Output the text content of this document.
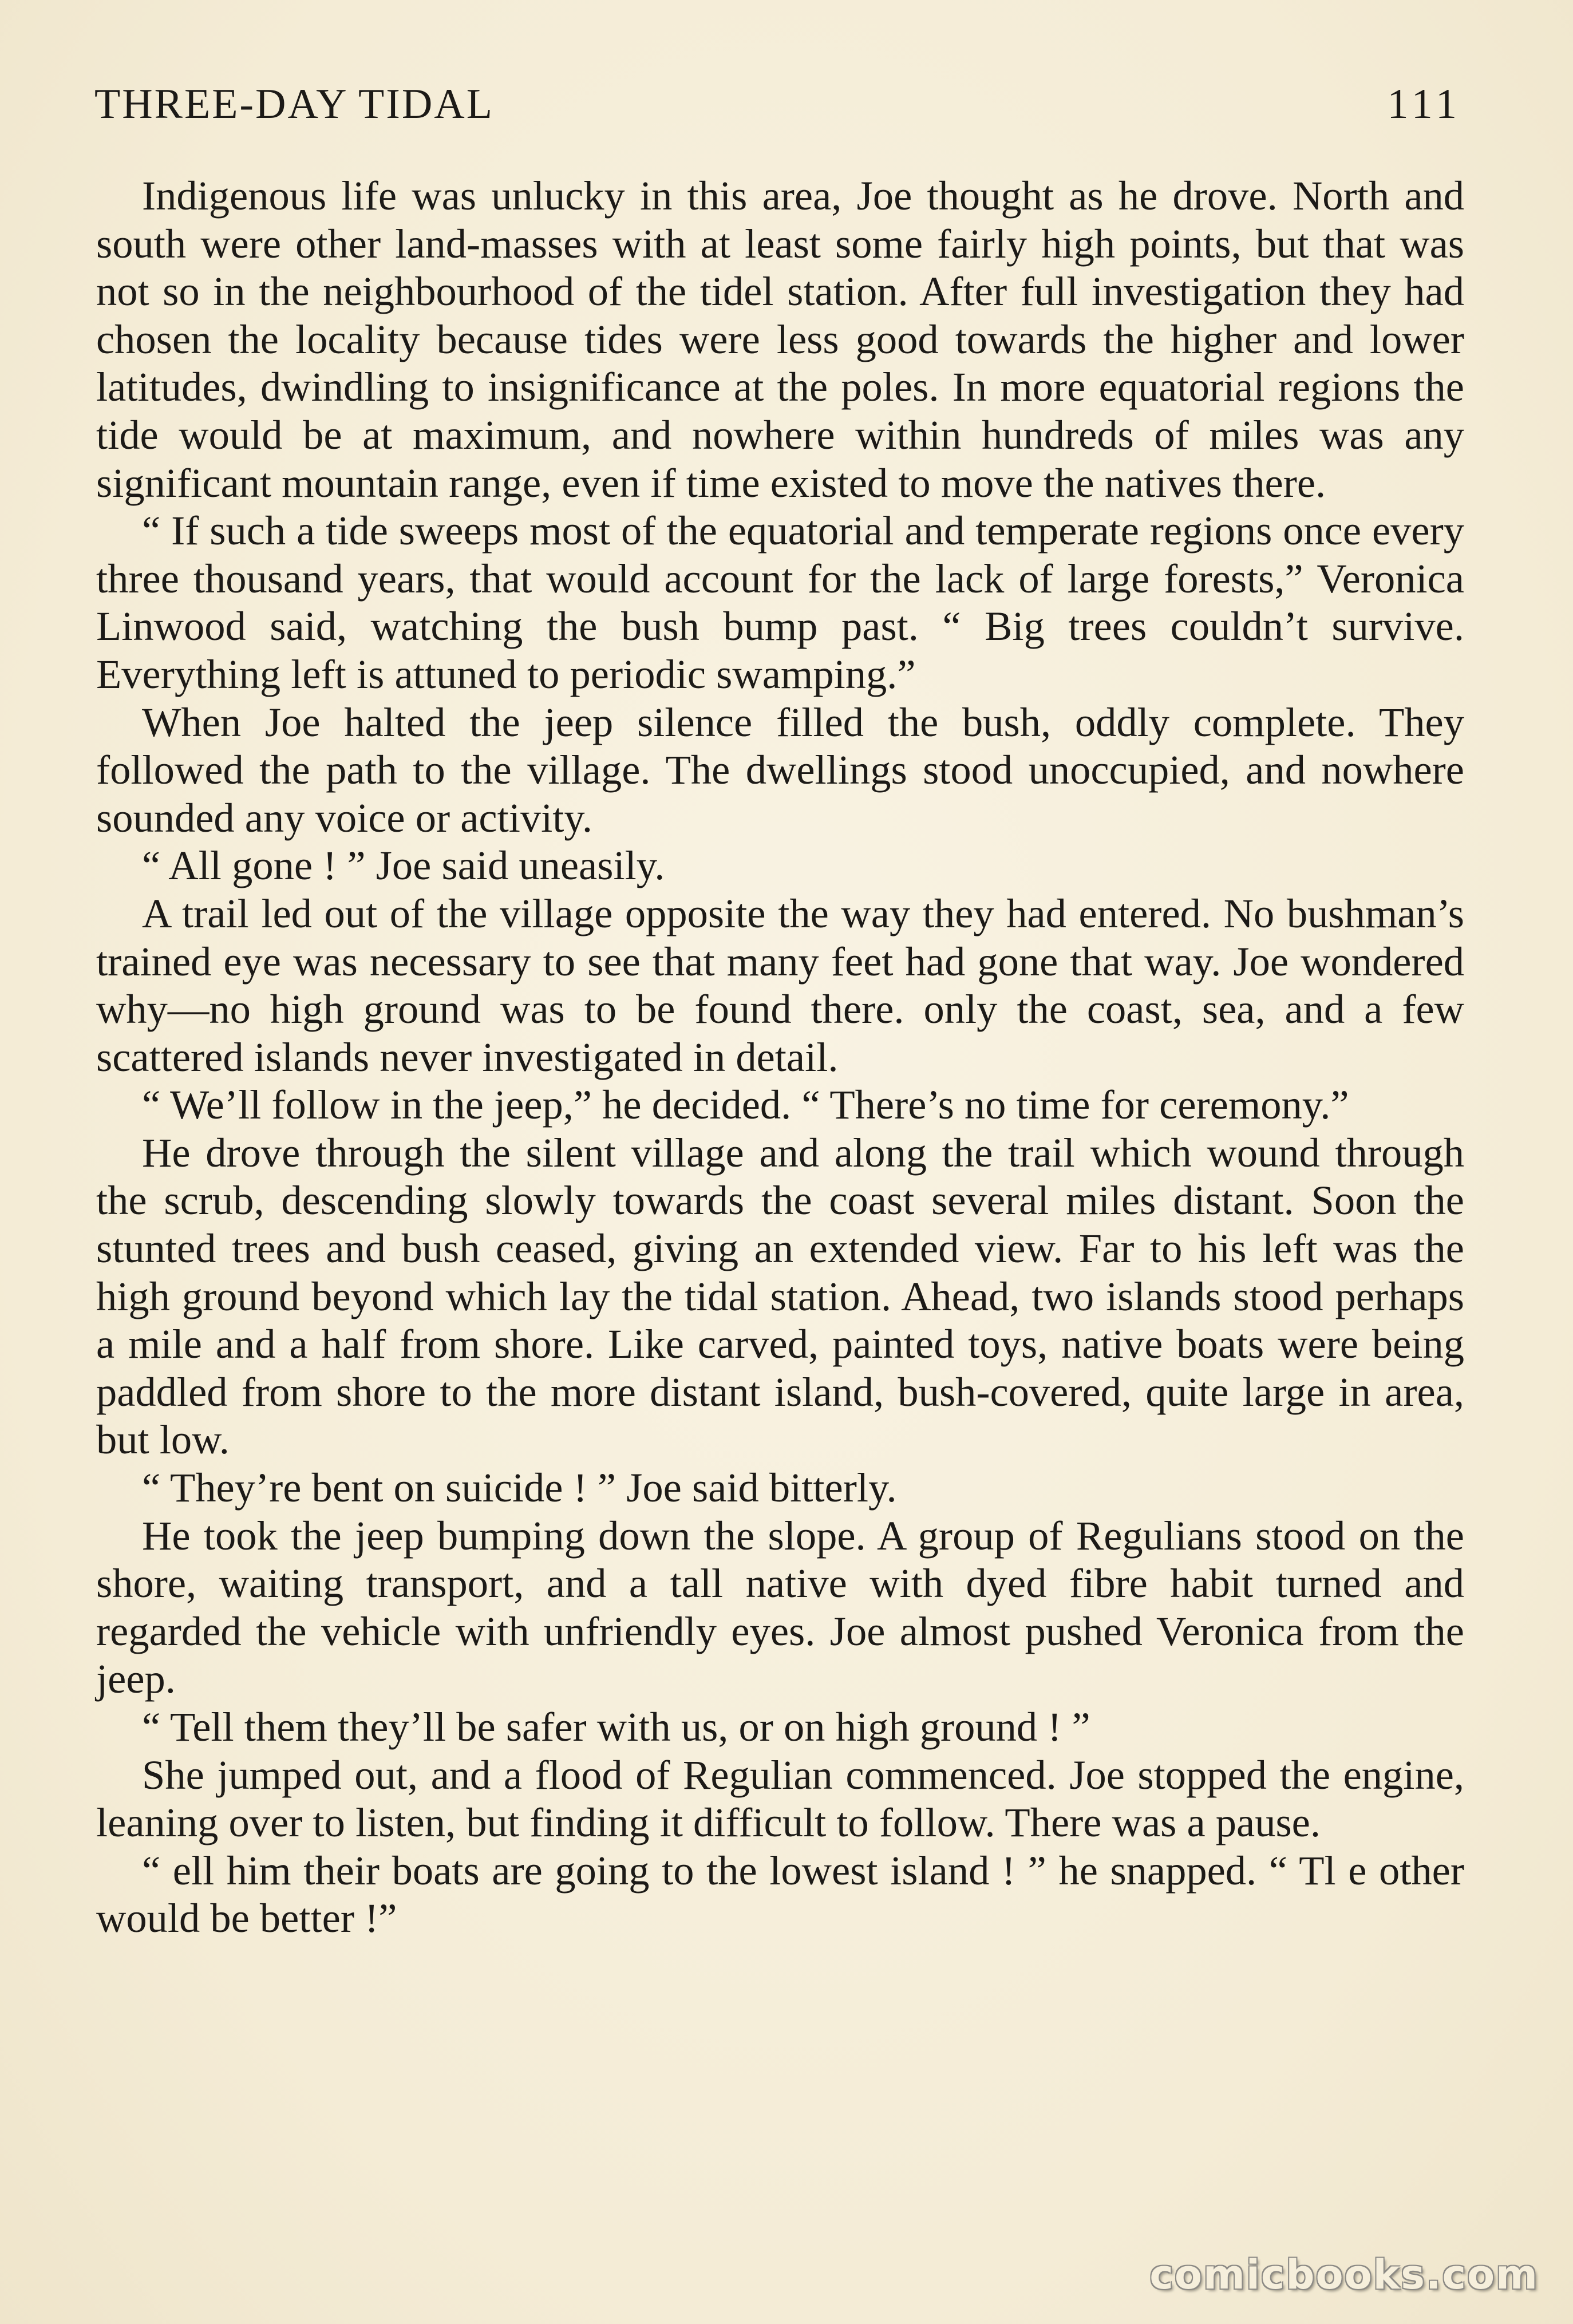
THREE-DAY TIDAL	111

Indigenous life was unlucky in this area, Joe thought as he drove. North and south were other land-masses with at least some fairly high points, but that was not so in the neighbourhood of the tidel station. After full investigation they had chosen the locality because tides were less good towards the higher and lower latitudes, dwindling to insignificance at the poles. In more equatorial regions the tide would be at maximum, and nowhere within hundreds of miles was any significant mountain range, even if time existed to move the natives there.

“ If such a tide sweeps most of the equatorial and temperate regions once every three thousand years, that would account for the lack of large forests,” Veronica Linwood said, watching the bush bump past. “ Big trees couldn’t survive. Everything left is attuned to periodic swamping.”

When Joe halted the jeep silence filled the bush, oddly complete. They followed the path to the village. The dwellings stood unoccupied, and nowhere sounded any voice or activity.

“ All gone ! ” Joe said uneasily.

A trail led out of the village opposite the way they had entered. No bushman’s trained eye was necessary to see that many feet had gone that way. Joe wondered why—no high ground was to be found there. only the coast, sea, and a few scattered islands never investigated in detail.

“ We’ll follow in the jeep,” he decided. “ There’s no time for ceremony.”

He drove through the silent village and along the trail which wound through the scrub, descending slowly towards the coast several miles distant. Soon the stunted trees and bush ceased, giving an extended view. Far to his left was the high ground beyond which lay the tidal station. Ahead, two islands stood perhaps a mile and a half from shore. Like carved, painted toys, native boats were being paddled from shore to the more distant island, bush-covered, quite large in area, but low.

“ They’re bent on suicide ! ” Joe said bitterly.

He took the jeep bumping down the slope. A group of Regulians stood on the shore, waiting transport, and a tall native with dyed fibre habit turned and regarded the vehicle with unfriendly eyes. Joe almost pushed Veronica from the jeep.

“ Tell them they’ll be safer with us, or on high ground ! ”

She jumped out, and a flood of Regulian commenced. Joe stopped the engine, leaning over to listen, but finding it difficult to follow. There was a pause.

“ ell him their boats are going to the lowest island ! ” he snapped. “ Tl e other would be better !”

comicbooks.com
